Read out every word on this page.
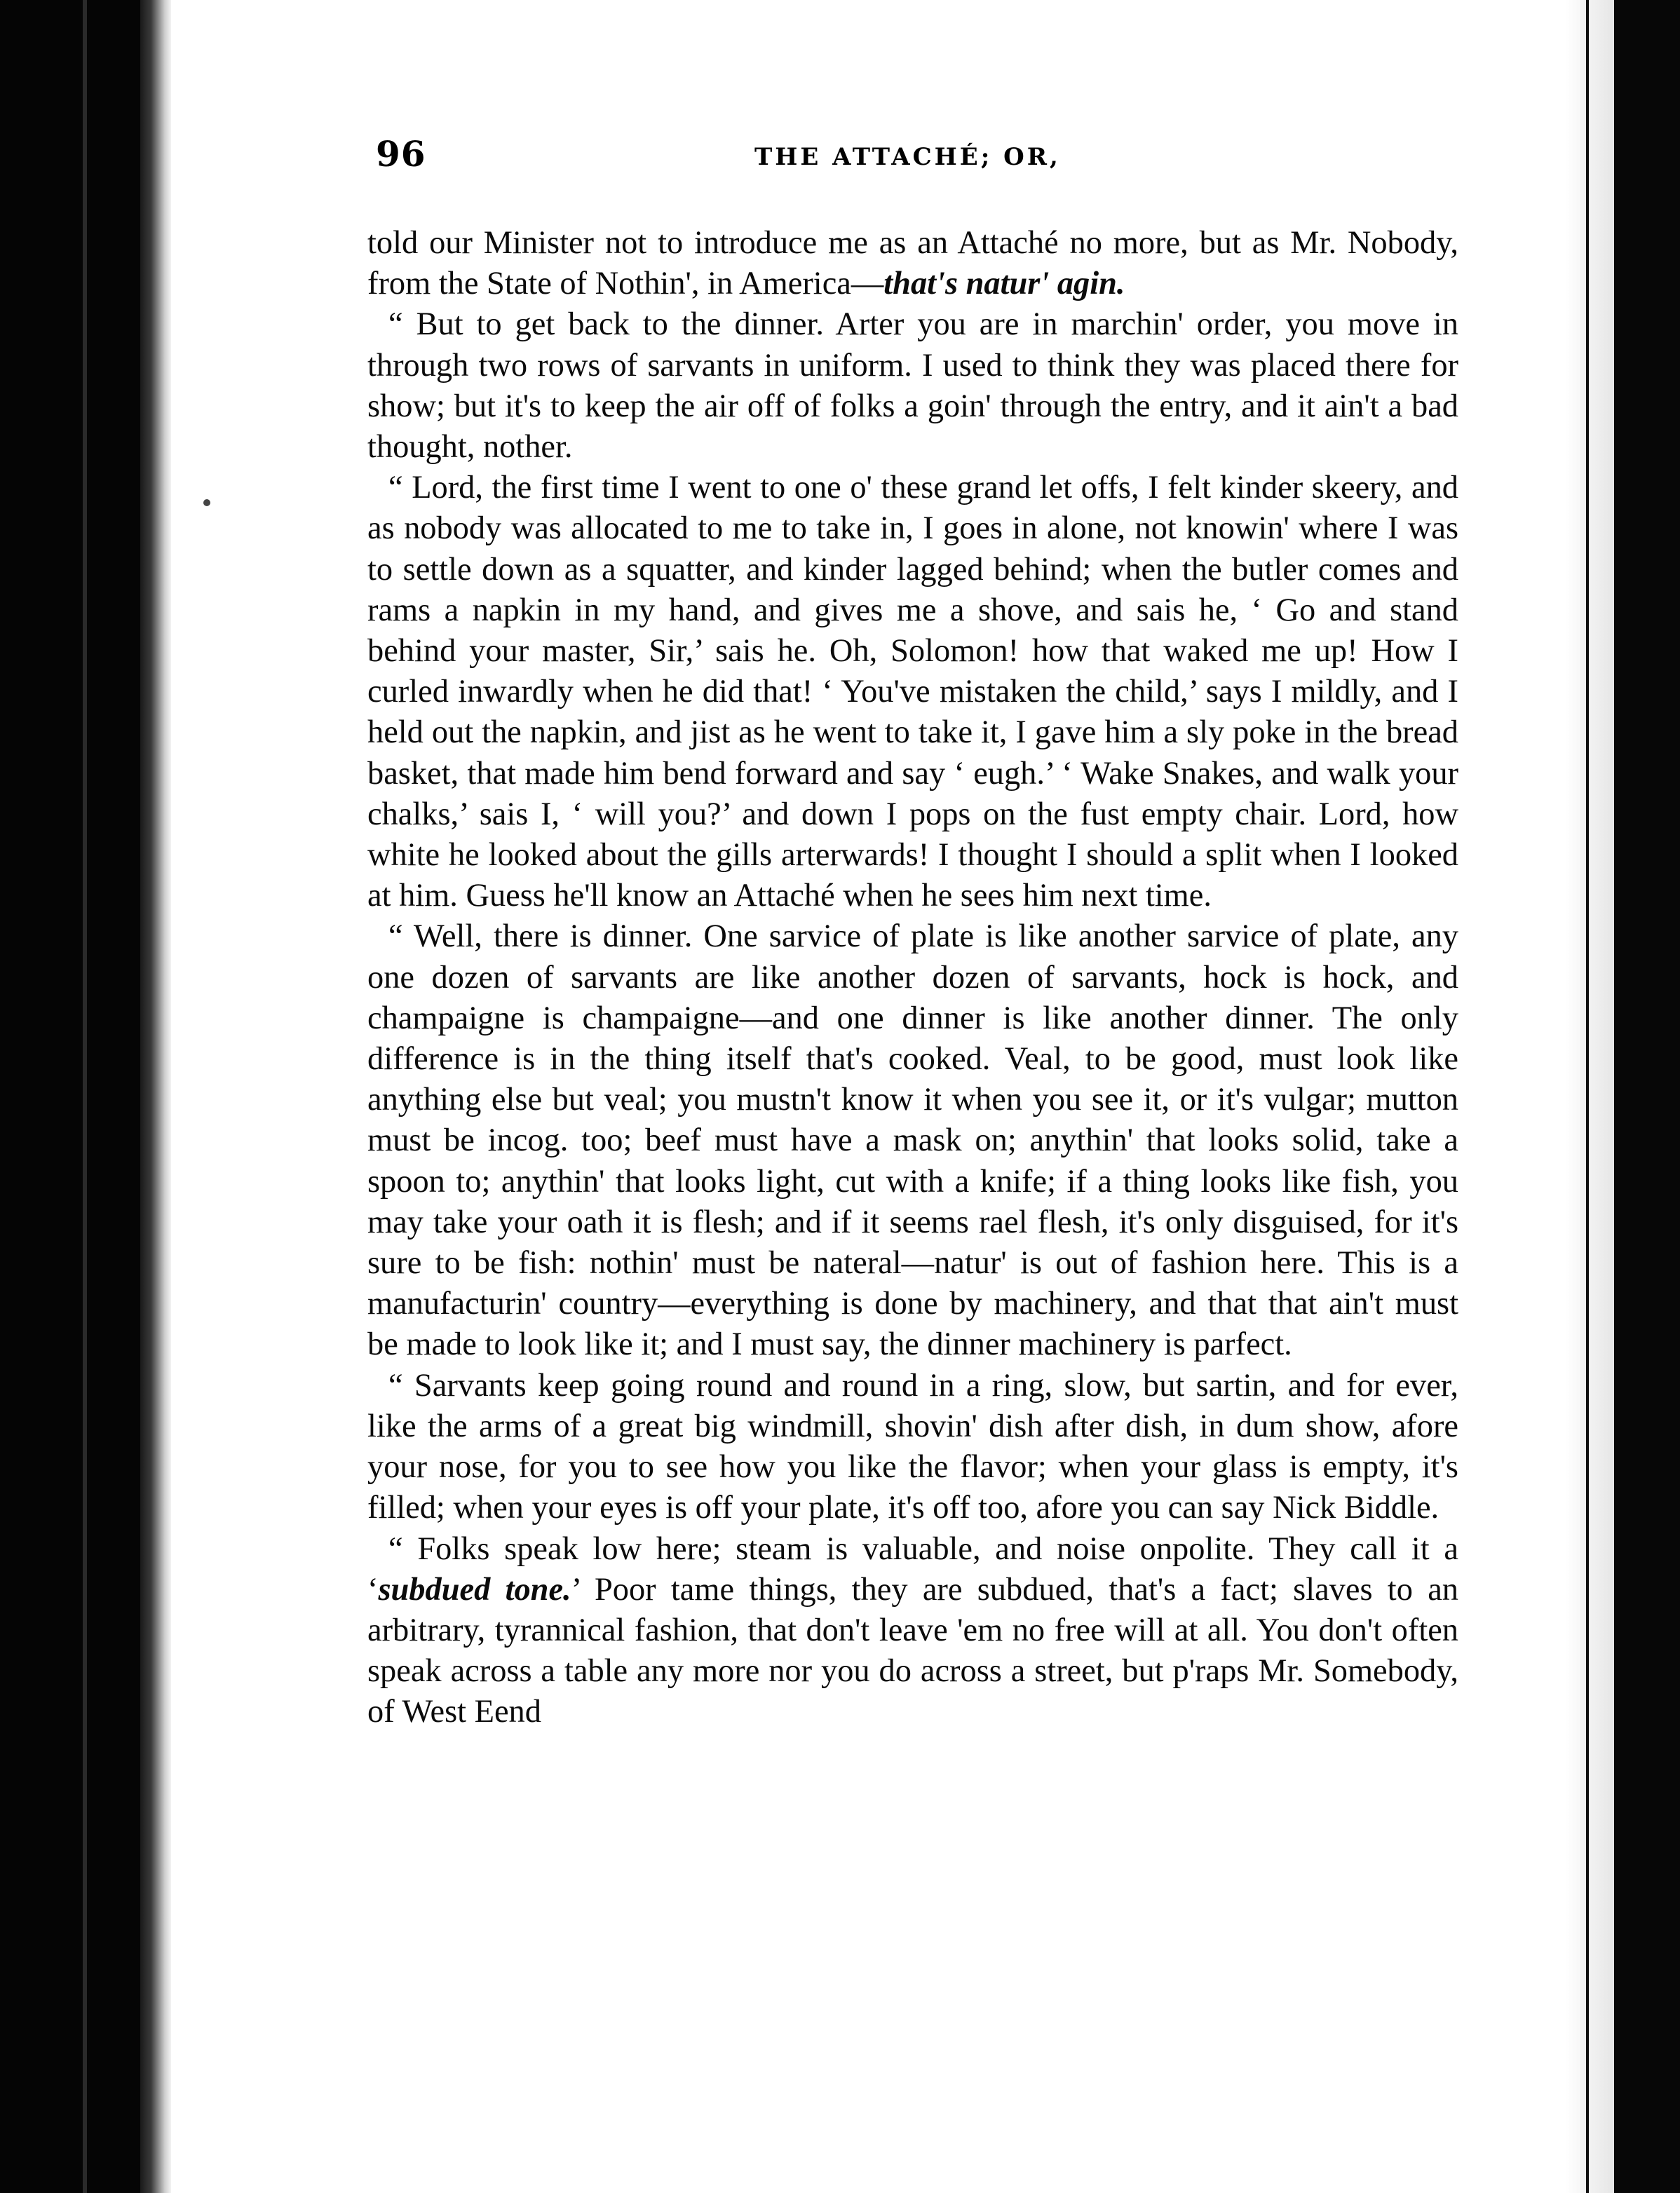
96	THE ATTACHÉ; OR,

told our Minister not to introduce me as an Attaché no more, but as Mr. Nobody, from the State of Nothin', in America—that's natur' agin.

“ But to get back to the dinner. Arter you are in marchin' order, you move in through two rows of sarvants in uniform. I used to think they was placed there for show; but it's to keep the air off of folks a goin' through the entry, and it ain't a bad thought, nother.

“ Lord, the first time I went to one o' these grand let offs, I felt kinder skeery, and as nobody was allocated to me to take in, I goes in alone, not knowin' where I was to settle down as a squatter, and kinder lagged behind; when the butler comes and rams a napkin in my hand, and gives me a shove, and sais he, ‘ Go and stand behind your master, Sir,’ sais he. Oh, Solomon! how that waked me up! How I curled inwardly when he did that! ‘ You've mistaken the child,’ says I mildly, and I held out the napkin, and jist as he went to take it, I gave him a sly poke in the bread basket, that made him bend forward and say ‘ eugh.’ ‘ Wake Snakes, and walk your chalks,’ sais I, ‘ will you?’ and down I pops on the fust empty chair. Lord, how white he looked about the gills arterwards! I thought I should a split when I looked at him. Guess he'll know an Attaché when he sees him next time.

“ Well, there is dinner. One sarvice of plate is like another sarvice of plate, any one dozen of sarvants are like another dozen of sarvants, hock is hock, and champaigne is champaigne—and one dinner is like another dinner. The only difference is in the thing itself that's cooked. Veal, to be good, must look like anything else but veal; you mustn't know it when you see it, or it's vulgar; mutton must be incog. too; beef must have a mask on; anythin' that looks solid, take a spoon to; anythin' that looks light, cut with a knife; if a thing looks like fish, you may take your oath it is flesh; and if it seems rael flesh, it's only disguised, for it's sure to be fish: nothin' must be nateral—natur' is out of fashion here. This is a manufacturin' country—everything is done by machinery, and that that ain't must be made to look like it; and I must say, the dinner machinery is parfect.

“ Sarvants keep going round and round in a ring, slow, but sartin, and for ever, like the arms of a great big windmill, shovin' dish after dish, in dum show, afore your nose, for you to see how you like the flavor; when your glass is empty, it's filled; when your eyes is off your plate, it's off too, afore you can say Nick Biddle.

“ Folks speak low here; steam is valuable, and noise onpolite. They call it a ‘subdued tone.’ Poor tame things, they are subdued, that's a fact; slaves to an arbitrary, tyrannical fashion, that don't leave 'em no free will at all. You don't often speak across a table any more nor you do across a street, but p'raps Mr. Somebody, of West Eend
